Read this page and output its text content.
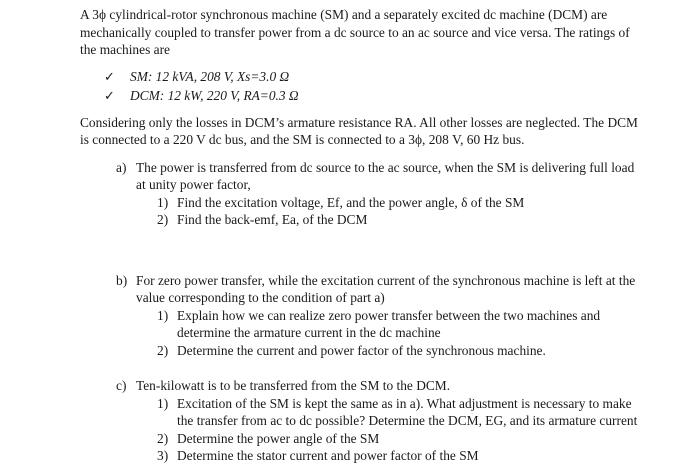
A 3ϕ cylindrical-rotor synchronous machine (SM) and a separately excited dc machine (DCM) are mechanically coupled to transfer power from a dc source to an ac source and vice versa. The ratings of the machines are

✓ SM: 12 kVA, 208 V, Xs=3.0 Ω
✓ DCM: 12 kW, 220 V, RA=0.3 Ω

Considering only the losses in DCM’s armature resistance RA. All other losses are neglected. The DCM is connected to a 220 V dc bus, and the SM is connected to a 3ϕ, 208 V, 60 Hz bus.

a) The power is transferred from dc source to the ac source, when the SM is delivering full load at unity power factor,
1) Find the excitation voltage, Ef, and the power angle, δ of the SM
2) Find the back-emf, Ea, of the DCM
b) For zero power transfer, while the excitation current of the synchronous machine is left at the value corresponding to the condition of part a)
1) Explain how we can realize zero power transfer between the two machines and determine the armature current in the dc machine
2) Determine the current and power factor of the synchronous machine.
c) Ten-kilowatt is to be transferred from the SM to the DCM.
1) Excitation of the SM is kept the same as in a). What adjustment is necessary to make the transfer from ac to dc possible? Determine the DCM, EG, and its armature current
2) Determine the power angle of the SM
3) Determine the stator current and power factor of the SM
